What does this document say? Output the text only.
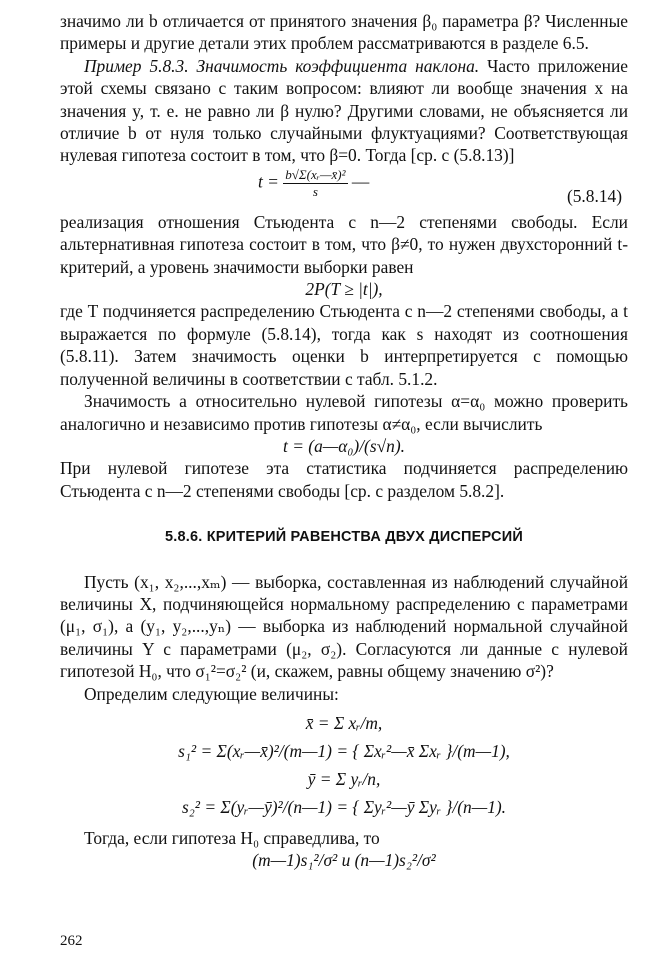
значимо ли b отличается от принятого значения β₀ параметра β? Численные примеры и другие детали этих проблем рассматриваются в разделе 6.5.

Пример 5.8.3. Значимость коэффициента наклона. Часто приложение этой схемы связано с таким вопросом: влияют ли вообще значения x на значения y, т. е. не равно ли β нулю? Другими словами, не объясняется ли отличие b от нуля только случайными флуктуациями? Соответствующая нулевая гипотеза состоит в том, что β=0. Тогда [ср. с (5.8.13)]

$t = \frac{\text{b√Σ(xᵣ—x̄)²}}{s}$ —
(5.8.14)

реализация отношения Стьюдента с n—2 степенями свободы. Если альтернативная гипотеза состоит в том, что β≠0, то нужен двухсторонний t-критерий, а уровень значимости выборки равен

2P(T ≥ |t|),

где T подчиняется распределению Стьюдента с n—2 степенями свободы, а t выражается по формуле (5.8.14), тогда как s находят из соотношения (5.8.11). Затем значимость оценки b интерпретируется с помощью полученной величины в соответствии с табл. 5.1.2.

Значимость a относительно нулевой гипотезы α=α₀ можно проверить аналогично и независимо против гипотезы α≠α₀, если вычислить

t = (a—α₀)/(s√n).

При нулевой гипотезе эта статистика подчиняется распределению Стьюдента с n—2 степенями свободы [ср. с разделом 5.8.2].

5.8.6. КРИТЕРИЙ РАВЕНСТВА ДВУХ ДИСПЕРСИЙ

Пусть (x₁, x₂,...,xₘ) — выборка, составленная из наблюдений случайной величины X, подчиняющейся нормальному распределению с параметрами (μ₁, σ₁), а (y₁, y₂,...,yₙ) — выборка из наблюдений нормальной случайной величины Y с параметрами (μ₂, σ₂). Согласуются ли данные с нулевой гипотезой H₀, что σ₁²=σ₂² (и, скажем, равны общему значению σ²)?

Определим следующие величины:

x̄ = Σ xᵣ/m,
s₁² = Σ(xᵣ—x̄)²/(m—1) = { Σxᵣ²—x̄ Σxᵣ }/(m—1),
ȳ = Σ yᵣ/n,
s₂² = Σ(yᵣ—ȳ)²/(n—1) = { Σyᵣ²—ȳ Σyᵣ }/(n—1).

Тогда, если гипотеза H₀ справедлива, то

(m—1)s₁²/σ² и (n—1)s₂²/σ²

262
